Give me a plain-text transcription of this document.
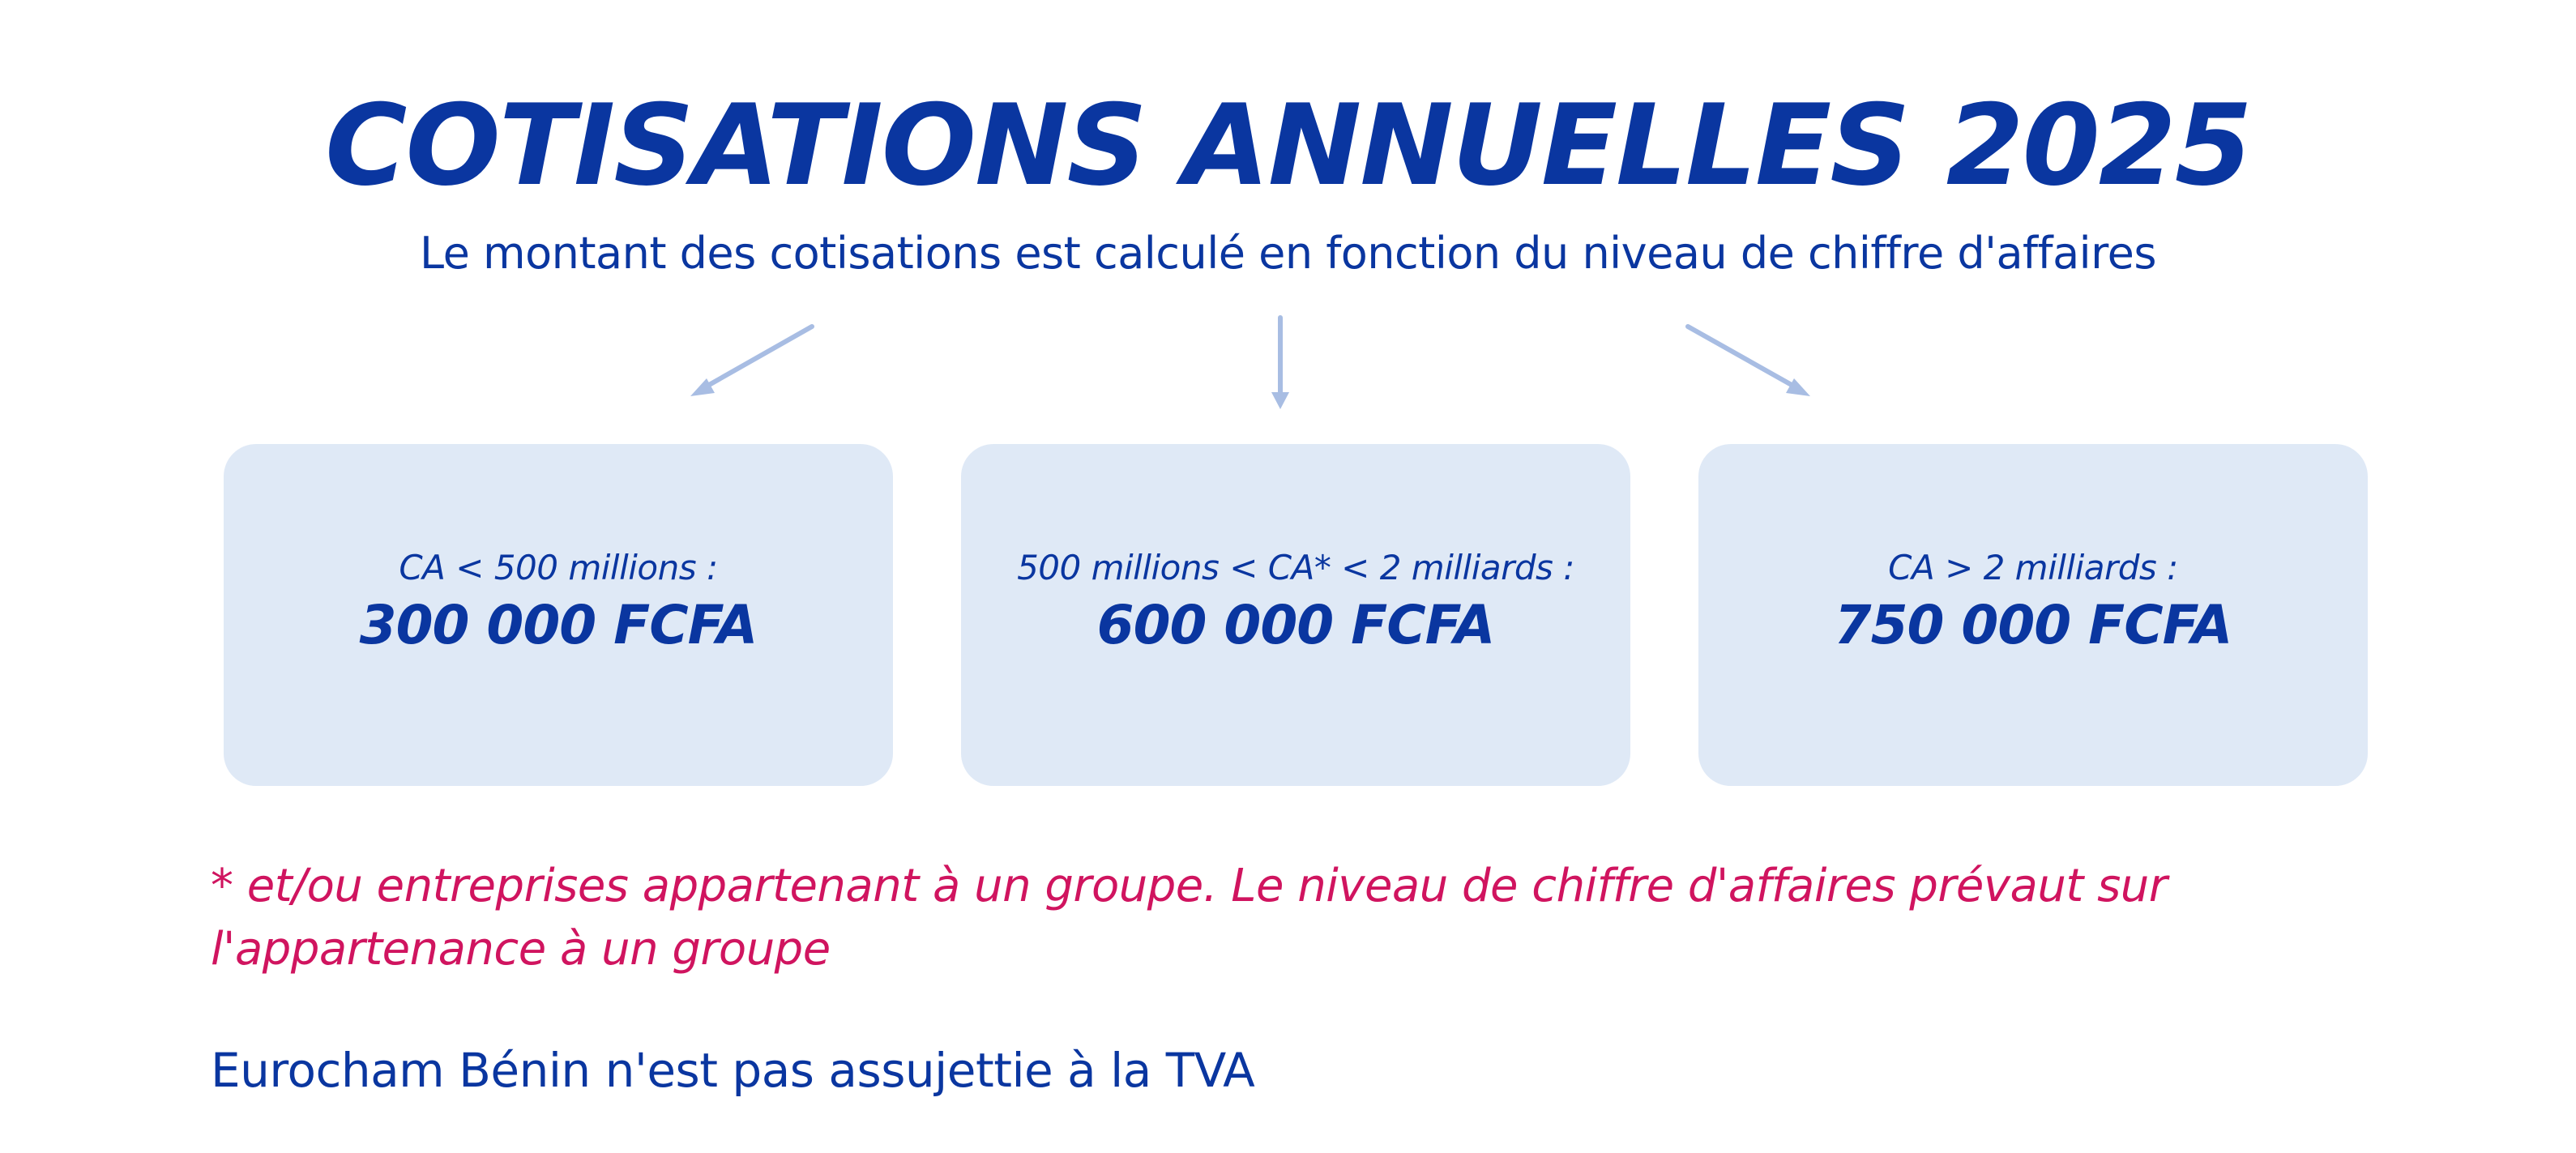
COTISATIONS ANNUELLES 2025
Le montant des cotisations est calculé en fonction du niveau de chiffre d'affaires
CA < 500 millions :
300 000 FCFA
500 millions < CA* < 2 milliards :
600 000 FCFA
CA > 2 milliards :
750 000 FCFA
* et/ou entreprises appartenant à un groupe. Le niveau de chiffre d'affaires prévaut sur l'appartenance à un groupe
Eurocham Bénin n'est pas assujettie à la TVA
